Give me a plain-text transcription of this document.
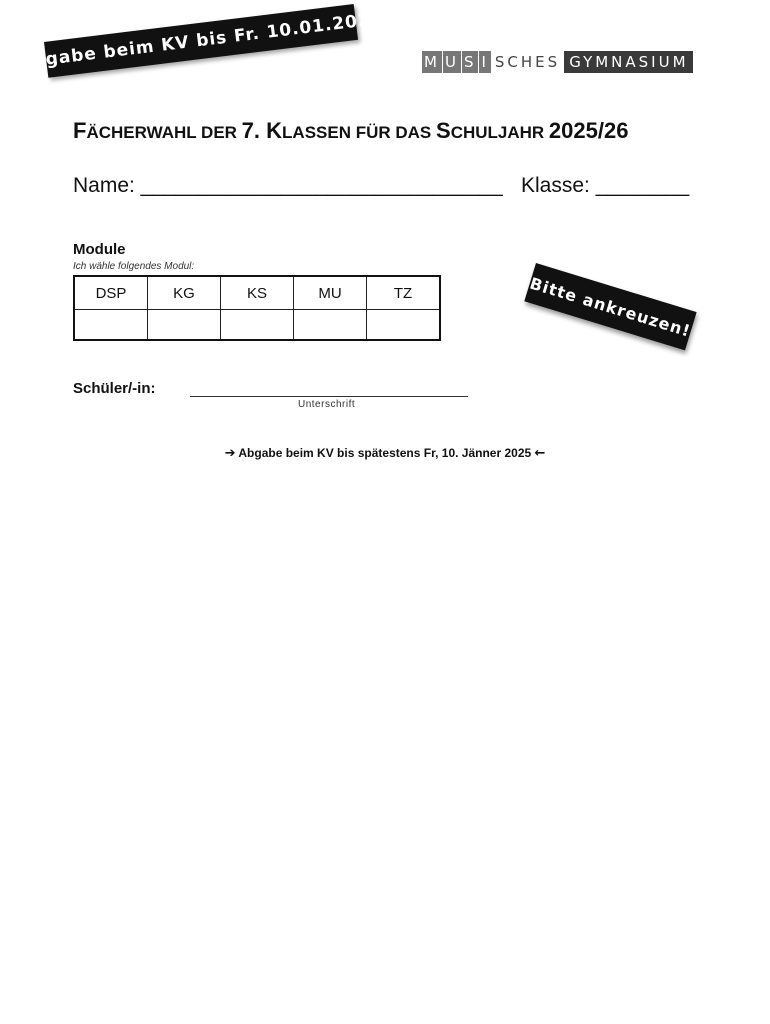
Abgabe beim KV bis Fr. 10.01.2025	M U S I SCHES GYMNASIUM
FÄCHERWAHL DER 7. KLASSEN FÜR DAS SCHULJAHR 2025/26
Name: _______________________________ Klasse: ________
Module
Ich wähle folgendes Modul:
DSP	KG	KS	MU	TZ
					Bitte ankreuzen!
Schüler/-in:
Unterschrift
➔ Abgabe beim KV bis spätestens Fr, 10. Jänner 2025 ←
